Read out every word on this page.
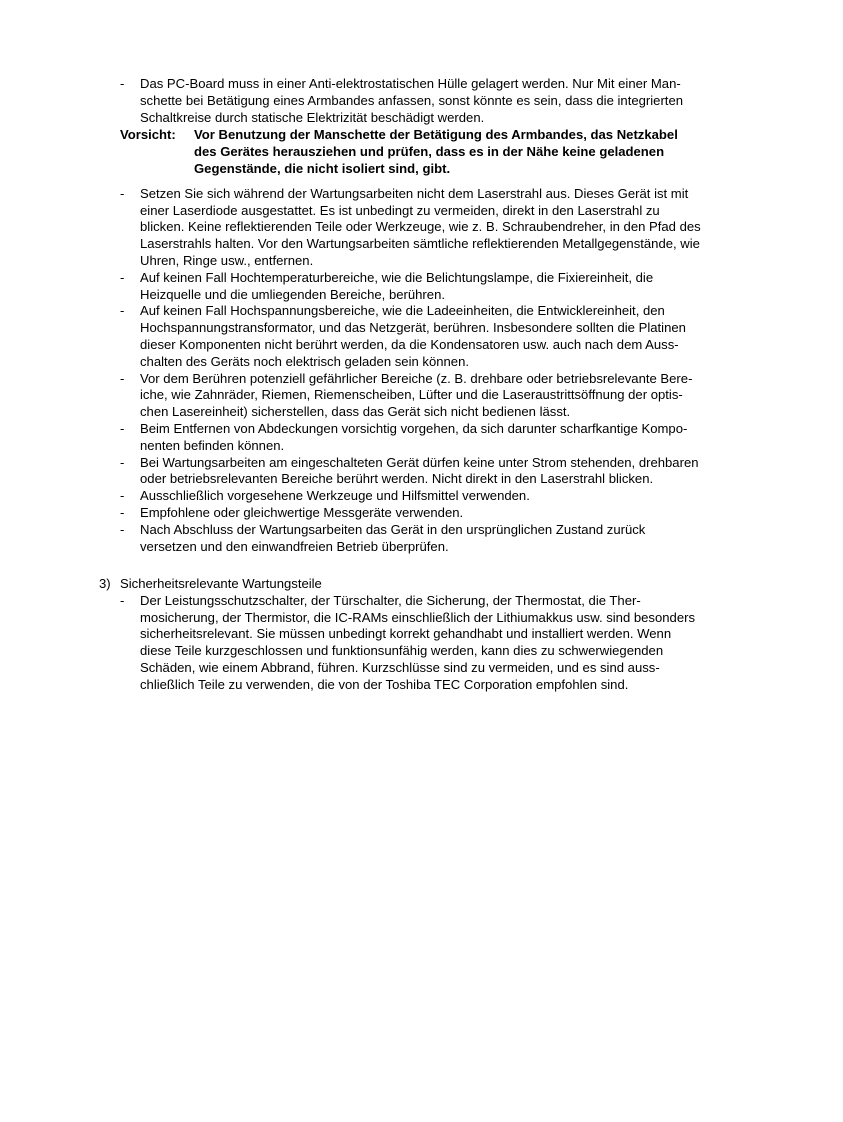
- Das PC-Board muss in einer Anti-elektrostatischen Hülle gelagert werden. Nur Mit einer Man-
schette bei Betätigung eines Armbandes anfassen, sonst könnte es sein, dass die integrierten
Schaltkreise durch statische Elektrizität beschädigt werden.
Vorsicht: Vor Benutzung der Manschette der Betätigung des Armbandes, das Netzkabel
des Gerätes herausziehen und prüfen, dass es in der Nähe keine geladenen
Gegenstände, die nicht isoliert sind, gibt.
- Setzen Sie sich während der Wartungsarbeiten nicht dem Laserstrahl aus. Dieses Gerät ist mit
einer Laserdiode ausgestattet. Es ist unbedingt zu vermeiden, direkt in den Laserstrahl zu
blicken. Keine reflektierenden Teile oder Werkzeuge, wie z. B. Schraubendreher, in den Pfad des
Laserstrahls halten. Vor den Wartungsarbeiten sämtliche reflektierenden Metallgegenstände, wie
Uhren, Ringe usw., entfernen.
- Auf keinen Fall Hochtemperaturbereiche, wie die Belichtungslampe, die Fixiereinheit, die
Heizquelle und die umliegenden Bereiche, berühren.
- Auf keinen Fall Hochspannungsbereiche, wie die Ladeeinheiten, die Entwicklereinheit, den
Hochspannungstransformator, und das Netzgerät, berühren. Insbesondere sollten die Platinen
dieser Komponenten nicht berührt werden, da die Kondensatoren usw. auch nach dem Auss-
chalten des Geräts noch elektrisch geladen sein können.
- Vor dem Berühren potenziell gefährlicher Bereiche (z. B. drehbare oder betriebsrelevante Bere-
iche, wie Zahnräder, Riemen, Riemenscheiben, Lüfter und die Laseraustrittsöffnung der optis-
chen Lasereinheit) sicherstellen, dass das Gerät sich nicht bedienen lässt.
- Beim Entfernen von Abdeckungen vorsichtig vorgehen, da sich darunter scharfkantige Kompo-
nenten befinden können.
- Bei Wartungsarbeiten am eingeschalteten Gerät dürfen keine unter Strom stehenden, drehbaren
oder betriebsrelevanten Bereiche berührt werden. Nicht direkt in den Laserstrahl blicken.
- Ausschließlich vorgesehene Werkzeuge und Hilfsmittel verwenden.
- Empfohlene oder gleichwertige Messgeräte verwenden.
- Nach Abschluss der Wartungsarbeiten das Gerät in den ursprünglichen Zustand zurück
versetzen und den einwandfreien Betrieb überprüfen.
3) Sicherheitsrelevante Wartungsteile
- Der Leistungsschutzschalter, der Türschalter, die Sicherung, der Thermostat, die Ther-
mosicherung, der Thermistor, die IC-RAMs einschließlich der Lithiumakkus usw. sind besonders
sicherheitsrelevant. Sie müssen unbedingt korrekt gehandhabt und installiert werden. Wenn
diese Teile kurzgeschlossen und funktionsunfähig werden, kann dies zu schwerwiegenden
Schäden, wie einem Abbrand, führen. Kurzschlüsse sind zu vermeiden, und es sind auss-
chließlich Teile zu verwenden, die von der Toshiba TEC Corporation empfohlen sind.
